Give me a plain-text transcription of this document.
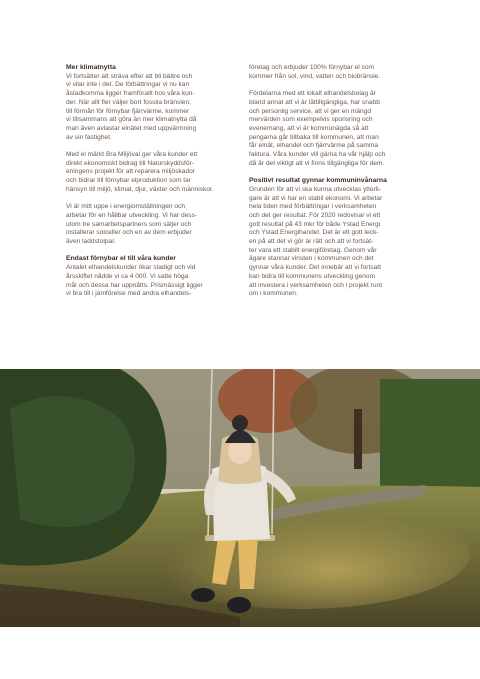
Mer klimatnytta

Vi fortsätter att sträva efter att bli bättre och
vi vilar inte i det. De förbättringar vi nu kan
åstadkomma ligger framförallt hos våra kun-
der. När allt fler väljer bort fossila bränslen,
till förmån för förnybar fjärrvärme, kommer
vi tillsammans att göra än mer klimatnytta då
man även avlastar elnätet med uppvärmning
av sin fastighet.

Med el märkt Bra Miljöval ger våra kunder ett
direkt ekonomiskt bidrag till Naturskyddsför-
eningens projekt för att reparera miljöskador
och bidrar till förnybar elproduktion som tar
hänsyn till miljö, klimat, djur, växter och människor.

Vi är mitt uppe i energiomställningen och
arbetar för en hållbar utveckling. Vi har dess-
utom tre samarbetspartners som säljer och
installerar solceller och en av dem erbjuder
även laddstolpar.

Endast förnybar el till våra kunder

Antalet elhandelskunder ökar stadigt och vid
årsskiftet nådde vi ca 4 000. Vi satte höga
mål och dessa har uppnåtts. Prismässigt ligger
vi bra till i jämförelse med andra elhandels-

företag och erbjuder 100% förnybar el som
kommer från sol, vind, vatten och biobränsle.

Fördelarna med ett lokalt elhandelsbolag är
bland annat att vi är lättillgängliga, har snabb
och personlig service, att vi ger en mängd
mervärden som exempelvis sponsring och
evenemang, att vi är kommunägda så att
pengarna går tillbaka till kommunen, att man
får elnät, elhandel och fjärrvärme på samma
faktura. Våra kunder vill gärna ha vår hjälp och
då är det viktigt att vi finns tillgängliga för dem.

Positivt resultat gynnar kommuninvånarna

Grunden för att vi ska kunna utvecklas ytterli-
gare är att vi har en stabil ekonomi. Vi arbetar
hela tiden med förbättringar i verksamheten
och det ger resultat. För 2020 redovisar vi ett
gott resultat på 43 mkr för både Ystad Energi
och Ystad Energihandel. Det är ett gott teck-
en på att det vi gör är rätt och att vi fortsät-
ter vara ett stabilt energiföretag. Genom vår
ägare stannar vinsten i kommunen och det
gynnar våra kunder. Det innebär att vi fortsatt
kan bidra till kommunens utveckling genom
att investera i verksamheten och i projekt runt
om i kommunen.
